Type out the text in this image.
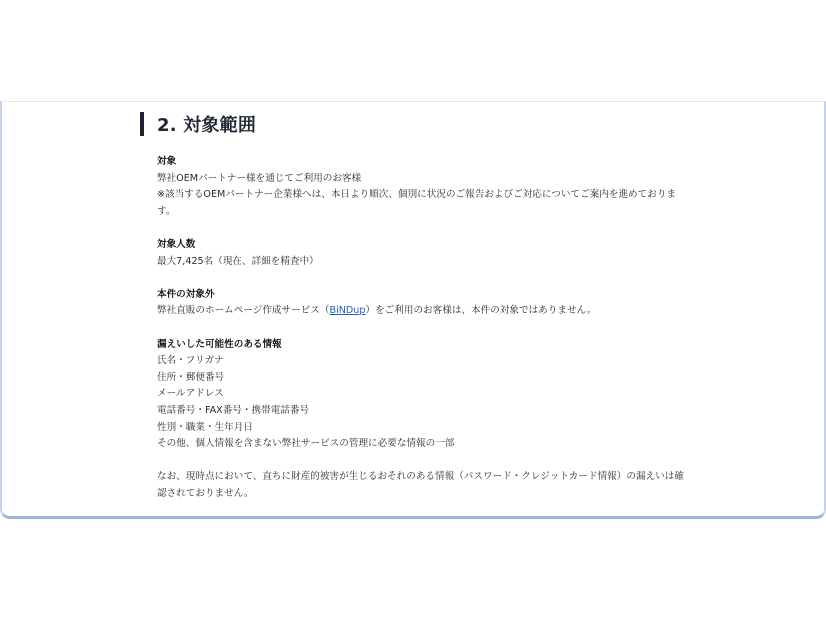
2. 対象範囲
対象
弊社OEMパートナー様を通じてご利用のお客様
※該当するOEMパートナー企業様へは、本日より順次、個別に状況のご報告およびご対応についてご案内を進めております。
対象人数
最大7,425名（現在、詳細を精査中）
本件の対象外
弊社直販のホームページ作成サービス（BiNDup）をご利用のお客様は、本件の対象ではありません。
漏えいした可能性のある情報
氏名・フリガナ
住所・郵便番号
メールアドレス
電話番号・FAX番号・携帯電話番号
性別・職業・生年月日
その他、個人情報を含まない弊社サービスの管理に必要な情報の一部
なお、現時点において、直ちに財産的被害が生じるおそれのある情報（パスワード・クレジットカード情報）の漏えいは確認されておりません。
